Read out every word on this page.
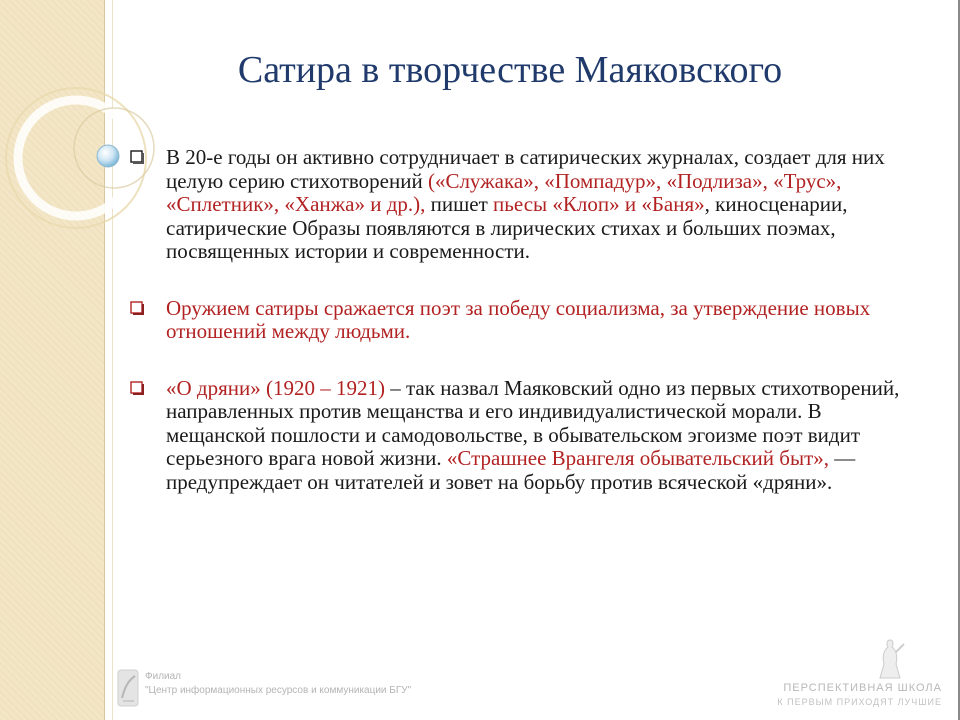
Сатира в творчестве Маяковского
В 20-е годы он активно сотрудничает в сатирических журналах, создает для них целую серию стихотворений («Служака», «Помпадур», «Подлиза», «Трус», «Сплетник», «Ханжа» и др.), пишет пьесы «Клоп» и «Баня», киносценарии, сатирические Образы появляются в лирических стихах и больших поэмах, посвященных истории и современности.
Оружием сатиры сражается поэт за победу социализма, за утверждение новых отношений между людьми.
«О дряни» (1920 – 1921) – так назвал Маяковский одно из первых стихотворений, направленных против мещанства и его индивидуалистической морали. В мещанской пошлости и самодовольстве, в обывательском эгоизме поэт видит серьезного врага новой жизни. «Страшнее Врангеля обывательский быт», — предупреждает он читателей и зовет на борьбу против всяческой «дряни».
Филиал
"Центр информационных ресурсов и коммуникации БГУ"	ПЕРСПЕКТИВНАЯ ШКОЛА
К ПЕРВЫМ ПРИХОДЯТ ЛУЧШИЕ
